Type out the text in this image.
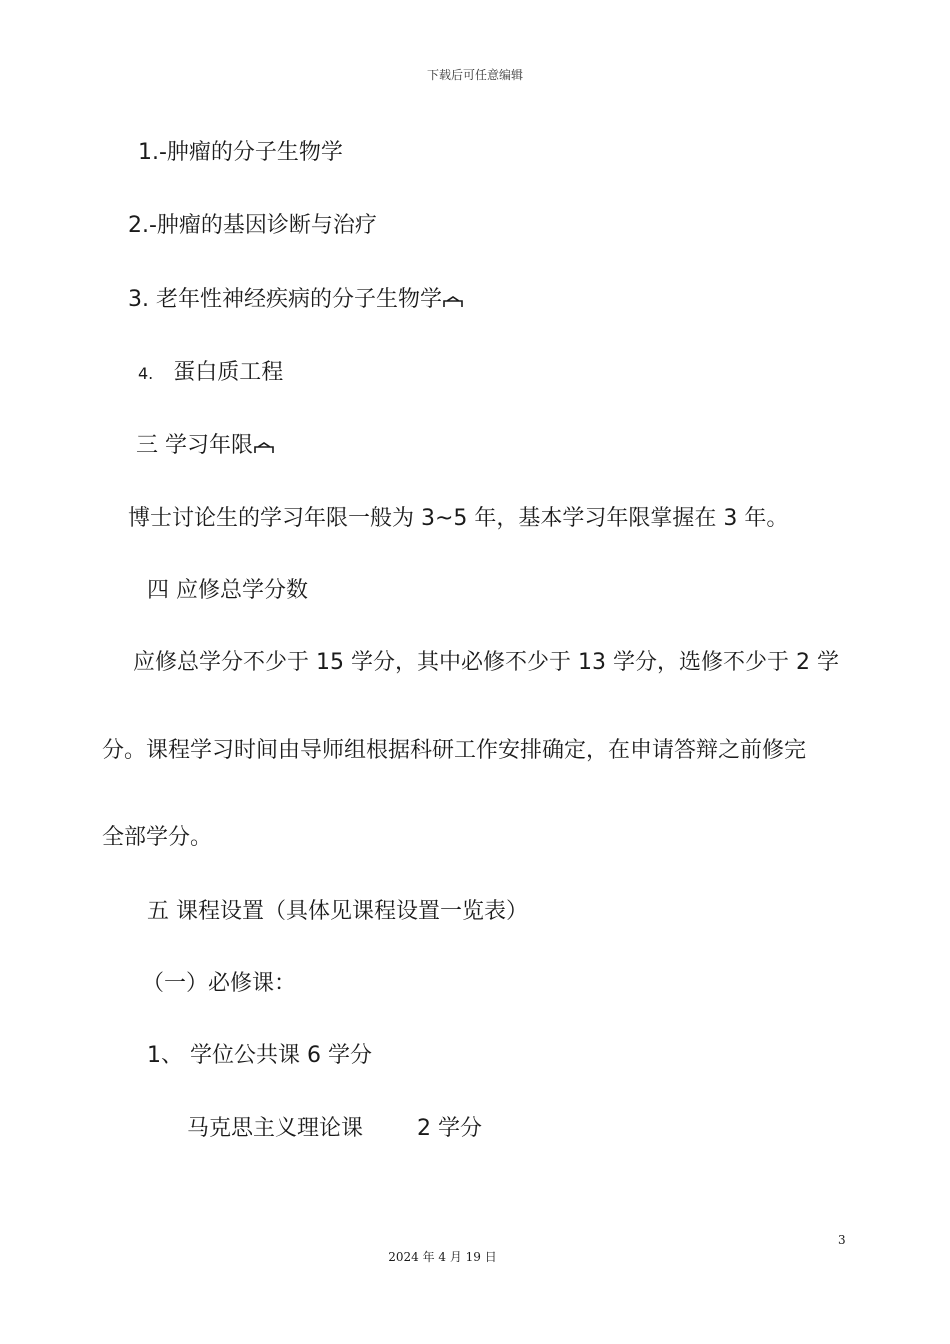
下载后可任意编辑
1.‐肿瘤的分子生物学
2.‐肿瘤的基因诊断与治疗
3. 老年性神经疾病的分子生物学
4. 蛋白质工程
三 学习年限
博士讨论生的学习年限一般为 3~5 年，基本学习年限掌握在 3 年。
四 应修总学分数
应修总学分不少于 15 学分，其中必修不少于 13 学分，选修不少于 2 学
分。课程学习时间由导师组根据科研工作安排确定，在申请答辩之前修完
全部学分。
五 课程设置（具体见课程设置一览表）
（一）必修课：
1、 学位公共课 6 学分
马克思主义理论课 2 学分
3
2024 年 4 月 19 日
